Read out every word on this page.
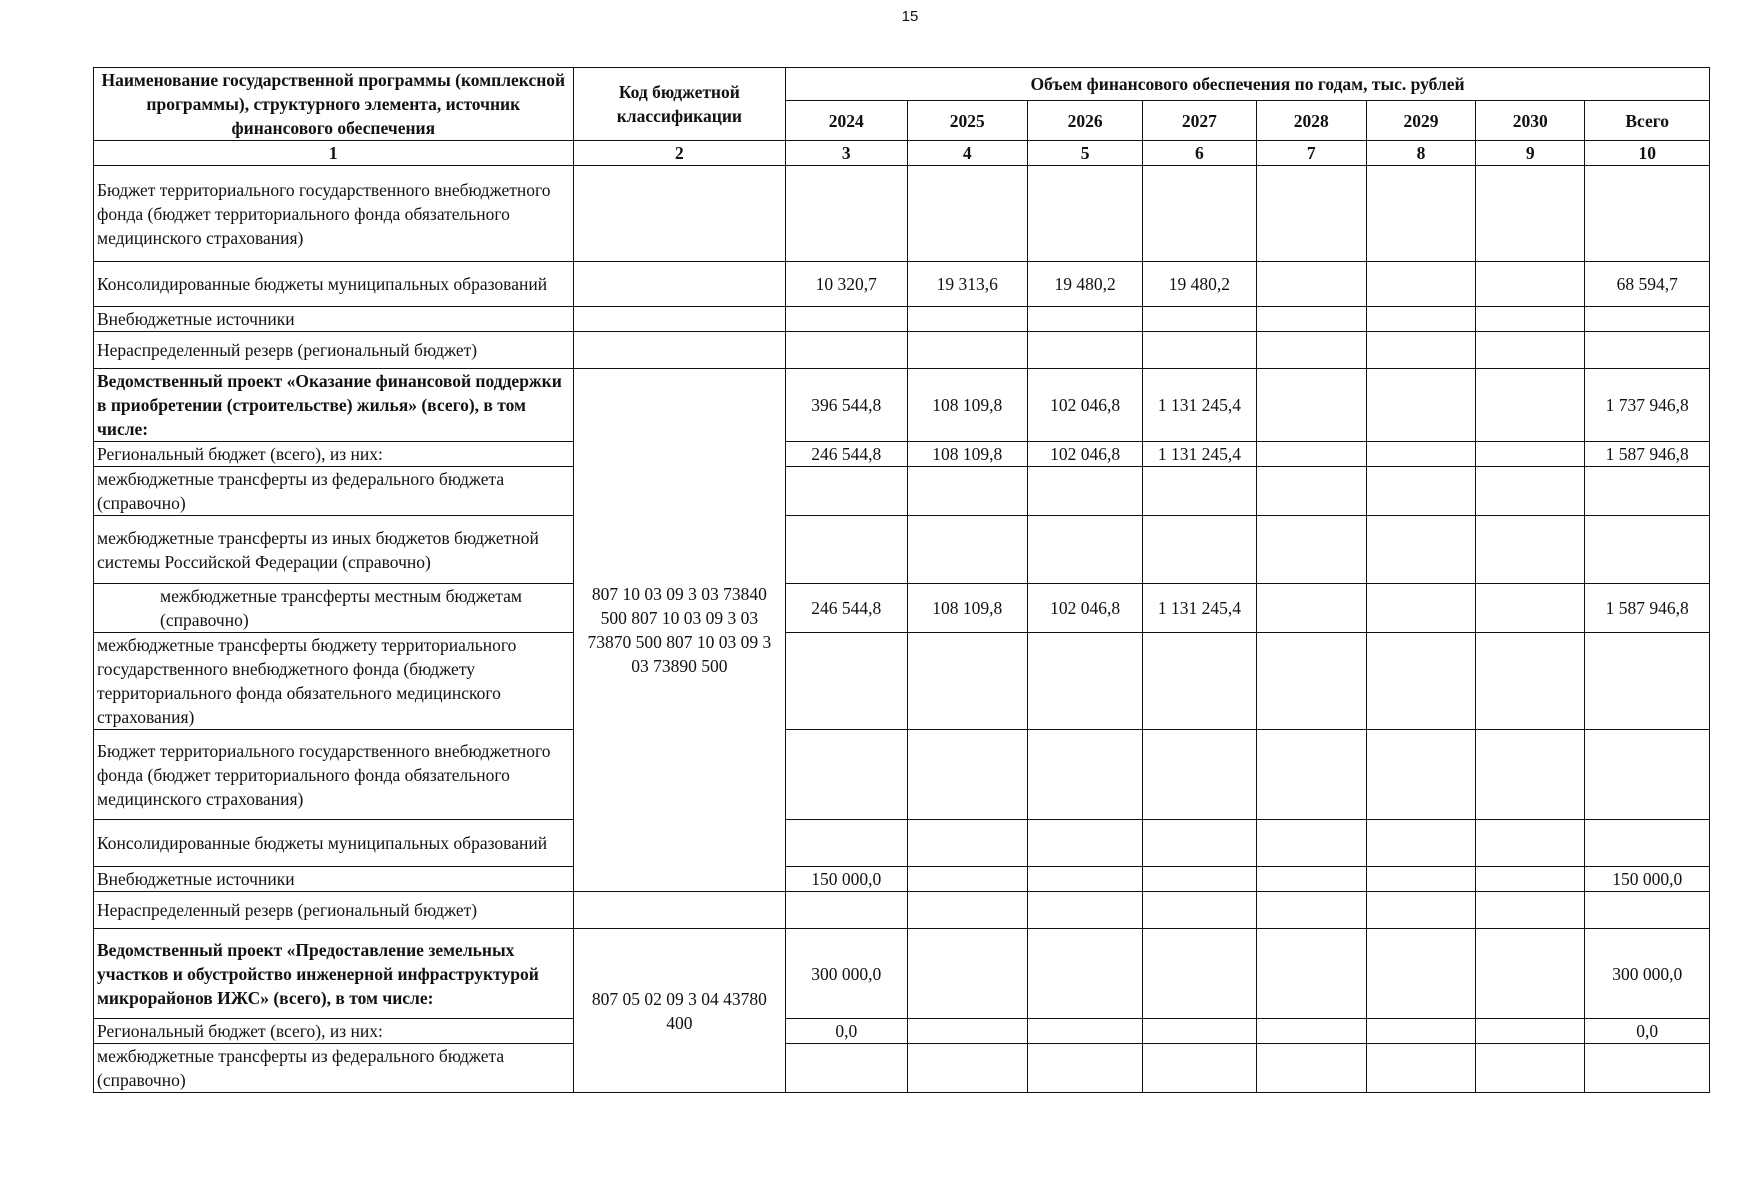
15
Наименование государственной программы (комплексной программы), структурного элемента, источник финансового обеспечения	Код бюджетной классификации	Объем финансового обеспечения по годам, тыс. рублей							
		2024	2025	2026	2027	2028	2029	2030	Всего
1	2	3	4	5	6	7	8	9	10
Бюджет территориального государственного внебюджетного фонда (бюджет территориального фонда обязательного медицинского страхования)									
Консолидированные бюджеты муниципальных образований		10 320,7	19 313,6	19 480,2	19 480,2				68 594,7
Внебюджетные источники									
Нераспределенный резерв (региональный бюджет)									
Ведомственный проект «Оказание финансовой поддержки в приобретении (строительстве) жилья» (всего), в том числе:	807 10 03 09 3 03 73840 500 807 10 03 09 3 03 73870 500 807 10 03 09 3 03 73890 500	396 544,8	108 109,8	102 046,8	1 131 245,4				1 737 946,8
Региональный бюджет (всего), из них:		246 544,8	108 109,8	102 046,8	1 131 245,4				1 587 946,8
межбюджетные трансферты из федерального бюджета (справочно)									
межбюджетные трансферты из иных бюджетов бюджетной системы Российской Федерации (справочно)									
межбюджетные трансферты местным бюджетам (справочно)		246 544,8	108 109,8	102 046,8	1 131 245,4				1 587 946,8
межбюджетные трансферты бюджету территориального государственного внебюджетного фонда (бюджету территориального фонда обязательного медицинского страхования)									
Бюджет территориального государственного внебюджетного фонда (бюджет территориального фонда обязательного медицинского страхования)									
Консолидированные бюджеты муниципальных образований									
Внебюджетные источники		150 000,0							150 000,0
Нераспределенный резерв (региональный бюджет)									
Ведомственный проект «Предоставление земельных участков и обустройство инженерной инфраструктурой микрорайонов ИЖС» (всего), в том числе:	807 05 02 09 3 04 43780 400	300 000,0							300 000,0
Региональный бюджет (всего), из них:		0,0							0,0
межбюджетные трансферты из федерального бюджета (справочно)									
